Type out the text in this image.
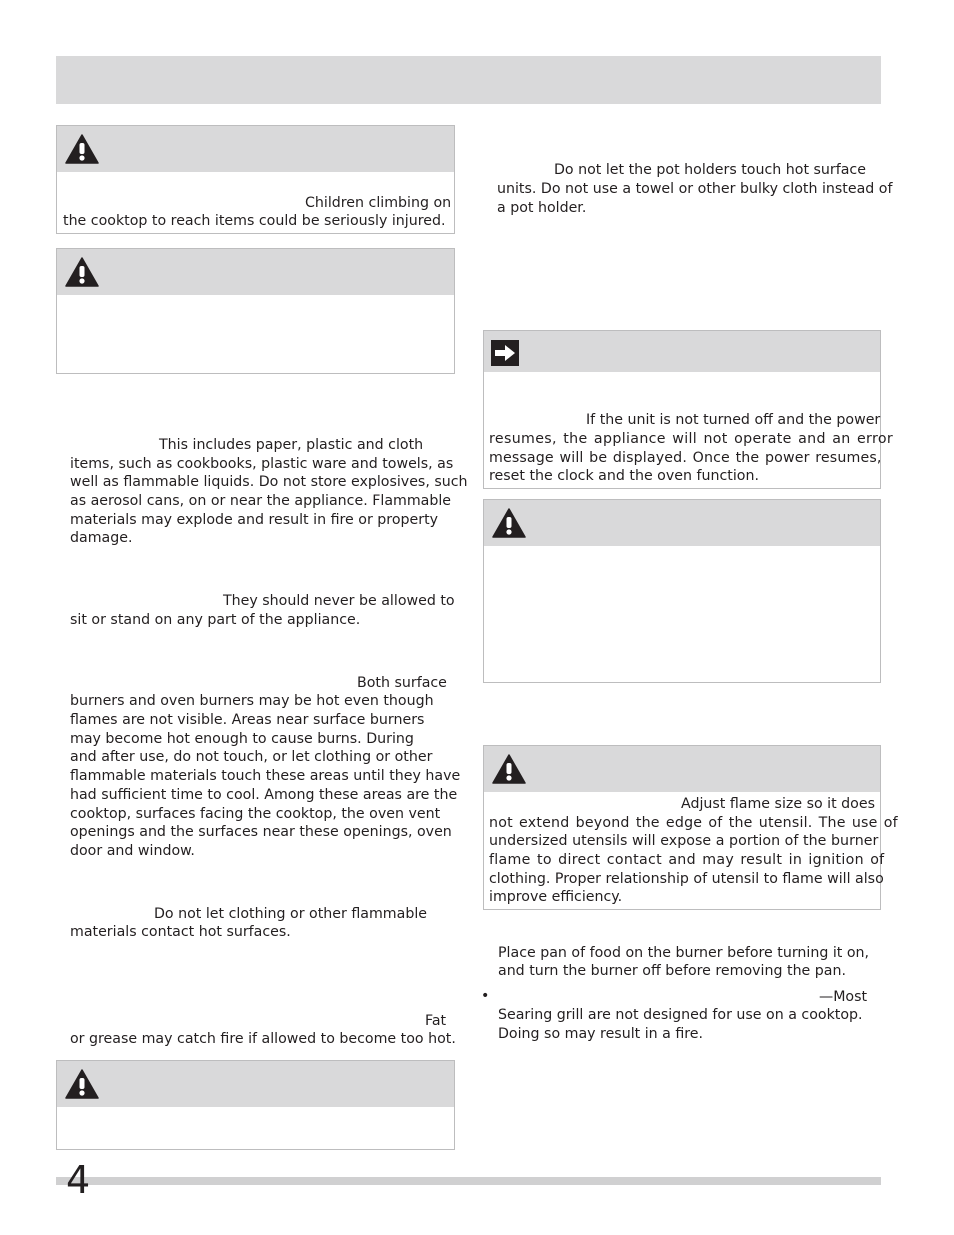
Children climbing on

the cooktop to reach items could be seriously injured.

This includes paper, plastic and cloth

items, such as cookbooks, plastic ware and towels, as

well as flammable liquids. Do not store explosives, such

as aerosol cans, on or near the appliance. Flammable

materials may explode and result in fire or property

damage.

They should never be allowed to

sit or stand on any part of the appliance.

Both surface

burners and oven burners may be hot even though

flames are not visible. Areas near surface burners

may become hot enough to cause burns. During

and after use, do not touch, or let clothing or other

flammable materials touch these areas until they have

had sufficient time to cool. Among these areas are the

cooktop, surfaces facing the cooktop, the oven vent

openings and the surfaces near these openings, oven

door and window.

Do not let clothing or other flammable

materials contact hot surfaces.

Fat

or grease may catch fire if allowed to become too hot.

Do not let the pot holders touch hot surface

units. Do not use a towel or other bulky cloth instead of

a pot holder.

If the unit is not turned off and the power

resumes, the appliance will not operate and an error

message will be displayed. Once the power resumes,

reset the clock and the oven function.

Adjust flame size so it does

not extend beyond the edge of the utensil. The use of

undersized utensils will expose a portion of the burner

flame to direct contact and may result in ignition of

clothing. Proper relationship of utensil to flame will also

improve efficiency.

Place pan of food on the burner before turning it on,

and turn the burner off before removing the pan.

•	—Most

Searing grill are not designed for use on a cooktop.

Doing so may result in a fire.

4
